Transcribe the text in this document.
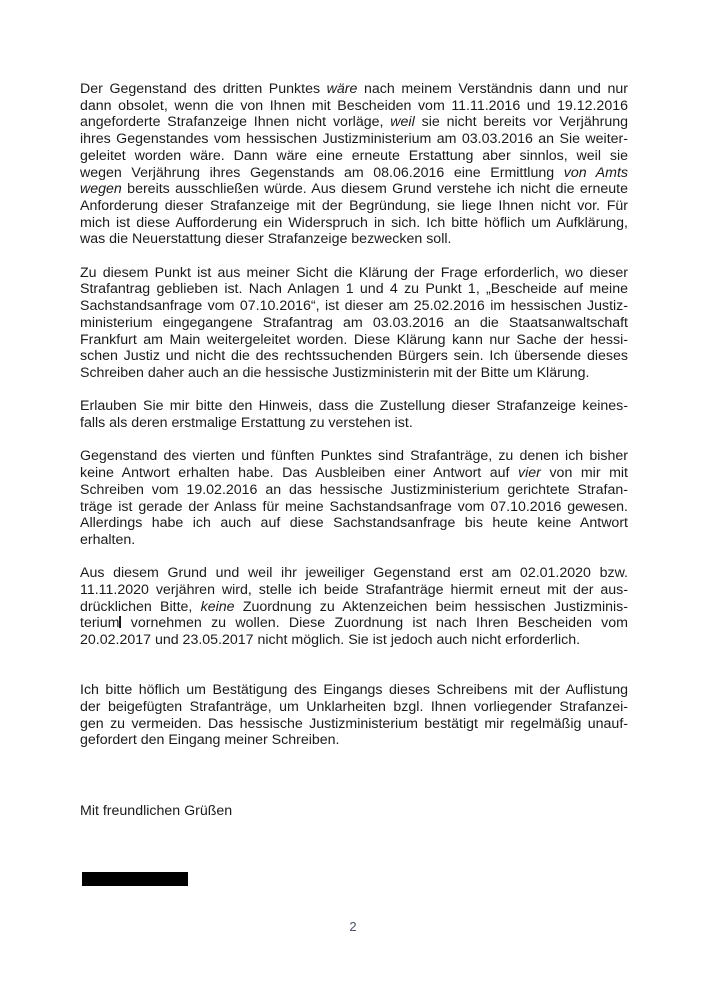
Der Gegenstand des dritten Punktes wäre nach meinem Verständnis dann und nur
dann obsolet, wenn die von Ihnen mit Bescheiden vom 11.11.2016 und 19.12.2016
angeforderte Strafanzeige Ihnen nicht vorläge, weil sie nicht bereits vor Verjährung
ihres Gegenstandes vom hessischen Justizministerium am 03.03.2016 an Sie weiter-
geleitet worden wäre. Dann wäre eine erneute Erstattung aber sinnlos, weil sie
wegen Verjährung ihres Gegenstands am 08.06.2016 eine Ermittlung von Amts
wegen bereits ausschließen würde. Aus diesem Grund verstehe ich nicht die erneute
Anforderung dieser Strafanzeige mit der Begründung, sie liege Ihnen nicht vor. Für
mich ist diese Aufforderung ein Widerspruch in sich. Ich bitte höflich um Aufklärung,
was die Neuerstattung dieser Strafanzeige bezwecken soll.
Zu diesem Punkt ist aus meiner Sicht die Klärung der Frage erforderlich, wo dieser
Strafantrag geblieben ist. Nach Anlagen 1 und 4 zu Punkt 1, „Bescheide auf meine
Sachstandsanfrage vom 07.10.2016“, ist dieser am 25.02.2016 im hessischen Justiz-
ministerium eingegangene Strafantrag am 03.03.2016 an die Staatsanwaltschaft
Frankfurt am Main weitergeleitet worden. Diese Klärung kann nur Sache der hessi-
schen Justiz und nicht die des rechtssuchenden Bürgers sein. Ich übersende dieses
Schreiben daher auch an die hessische Justizministerin mit der Bitte um Klärung.
Erlauben Sie mir bitte den Hinweis, dass die Zustellung dieser Strafanzeige keines-
falls als deren erstmalige Erstattung zu verstehen ist.
Gegenstand des vierten und fünften Punktes sind Strafanträge, zu denen ich bisher
keine Antwort erhalten habe. Das Ausbleiben einer Antwort auf vier von mir mit
Schreiben vom 19.02.2016 an das hessische Justizministerium gerichtete Strafan-
träge ist gerade der Anlass für meine Sachstandsanfrage vom 07.10.2016 gewesen.
Allerdings habe ich auch auf diese Sachstandsanfrage bis heute keine Antwort
erhalten.
Aus diesem Grund und weil ihr jeweiliger Gegenstand erst am 02.01.2020 bzw.
11.11.2020 verjähren wird, stelle ich beide Strafanträge hiermit erneut mit der aus-
drücklichen Bitte, keine Zuordnung zu Aktenzeichen beim hessischen Justizminis-
terium vornehmen zu wollen. Diese Zuordnung ist nach Ihren Bescheiden vom
20.02.2017 und 23.05.2017 nicht möglich. Sie ist jedoch auch nicht erforderlich.
Ich bitte höflich um Bestätigung des Eingangs dieses Schreibens mit der Auflistung
der beigefügten Strafanträge, um Unklarheiten bzgl. Ihnen vorliegender Strafanzei-
gen zu vermeiden. Das hessische Justizministerium bestätigt mir regelmäßig unauf-
gefordert den Eingang meiner Schreiben.
Mit freundlichen Grüßen
2
